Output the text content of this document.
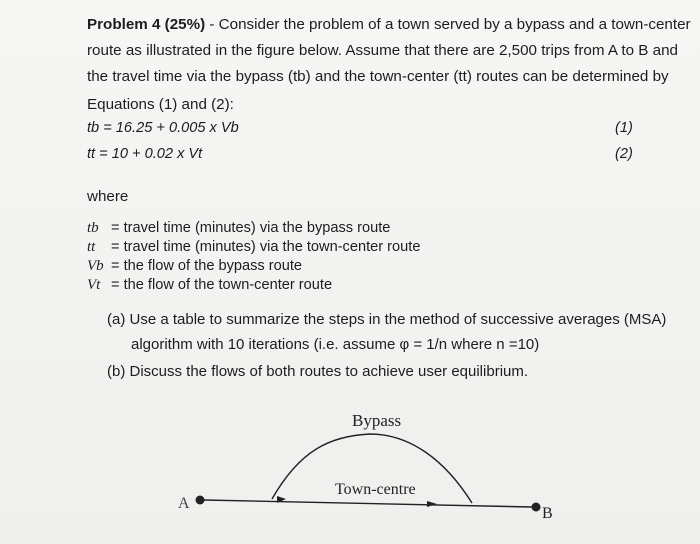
Problem 4 (25%) - Consider the problem of a town served by a bypass and a town-center
route as illustrated in the figure below. Assume that there are 2,500 trips from A to B and
the travel time via the bypass (tb) and the town-center (tt) routes can be determined by
Equations (1) and (2):
tb = 16.25 + 0.005 x Vb	(1)
tt = 10 + 0.02 x Vt	(2)
where
tb = travel time (minutes) via the bypass route
tt = travel time (minutes) via the town-center route
Vb = the flow of the bypass route
Vt = the flow of the town-center route
(a) Use a table to summarize the steps in the method of successive averages (MSA)
algorithm with 10 iterations (i.e. assume φ = 1/n where n =10)
(b) Discuss the flows of both routes to achieve user equilibrium.
Bypass
Town-centre
A
B
